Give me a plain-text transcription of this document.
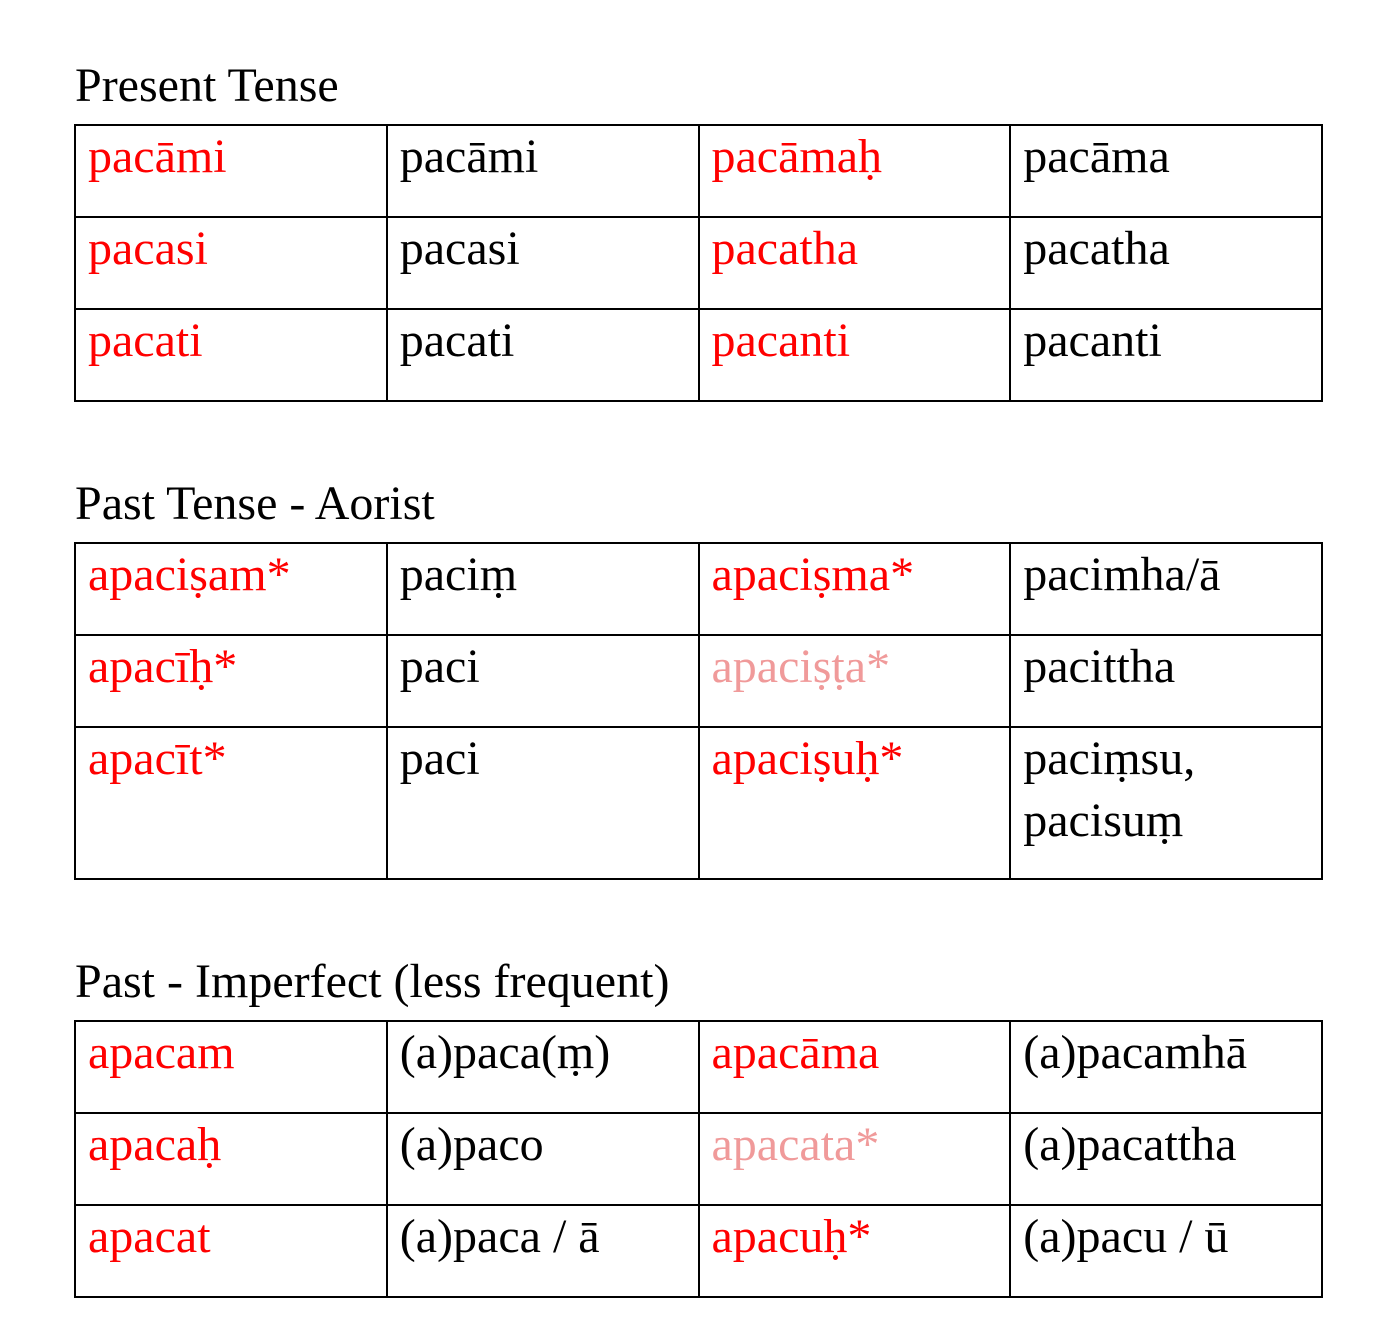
Present Tense
pacāmi	pacāmi	pacāmaḥ	pacāma
pacasi	pacasi	pacatha	pacatha
pacati	pacati	pacanti	pacanti
Past Tense - Aorist
apaciṣam*	paciṃ	apaciṣma*	pacimha/ā
apacīḥ*	paci	apaciṣṭa*	pacittha
apacīt*	paci	apaciṣuḥ*	paciṃsu,
pacisuṃ
Past - Imperfect (less frequent)
apacam	(a)paca(ṃ)	apacāma	(a)pacamhā
apacaḥ	(a)paco	apacata*	(a)pacattha
apacat	(a)paca / ā	apacuḥ*	(a)pacu / ū
